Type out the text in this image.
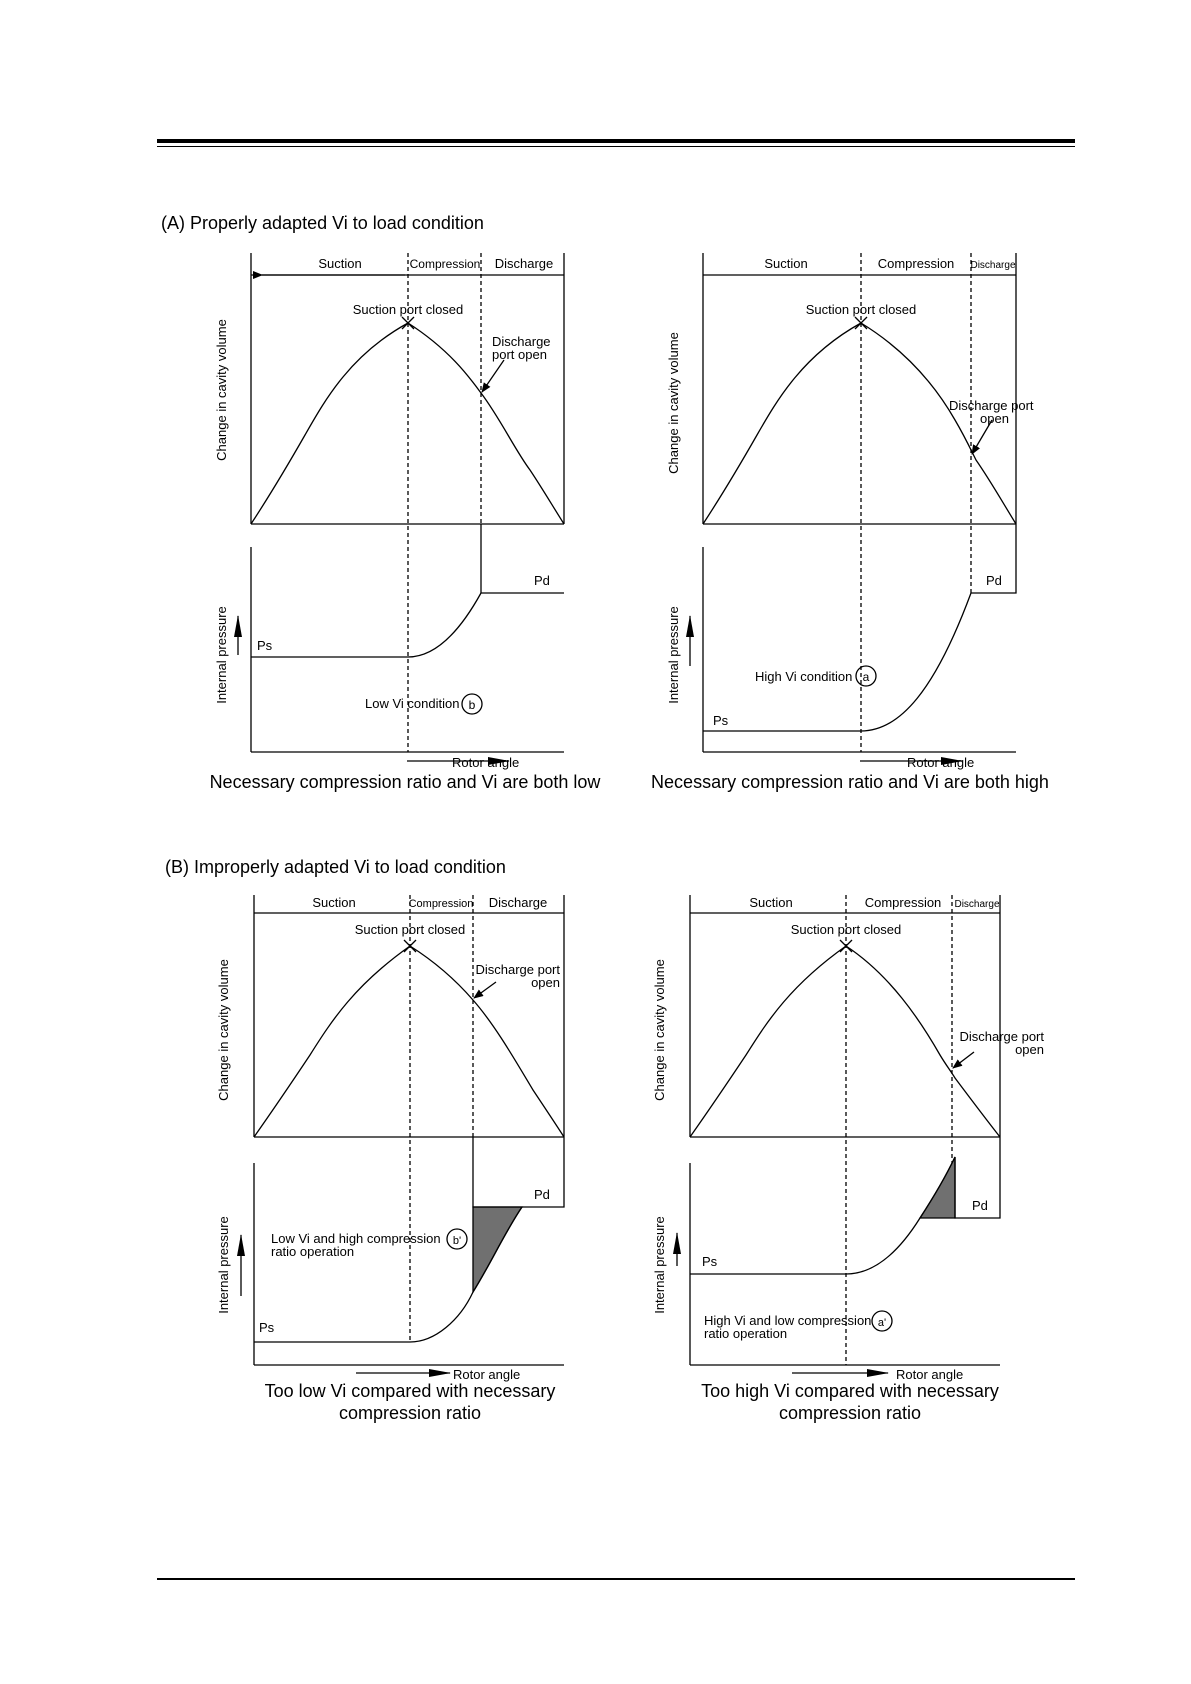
(A) Properly adapted Vi to load condition
Suction	Compression Discharge
Suction port closed
Discharge
port open
Change in cavity volume
Internal pressure Ps
Pd
Low Vi condition b
Rotor angle
Suction	Compression Discharge
Suction port closed
Discharge port
open
Change in cavity volume
Internal pressure
Ps
Pd
High Vi condition a
Rotor angle
Suction	Compression Discharge
Suction port closed
Discharge port
open
Change in cavity volume
Internal pressure
Ps
Pd
Low Vi and high compression
ratio operation
b'
Rotor angle
Suction	Compression Discharge
Suction port closed
Discharge port
open
Change in cavity volume
Internal pressure	Ps
Pd
High Vi and low compression
ratio operation
a'
Rotor angle
Necessary compression ratio and Vi are both low	Necessary compression ratio and Vi are both high
(B) Improperly adapted Vi to load condition
Too low Vi compared with necessary
compression ratio
Too high Vi compared with necessary
compression ratio
